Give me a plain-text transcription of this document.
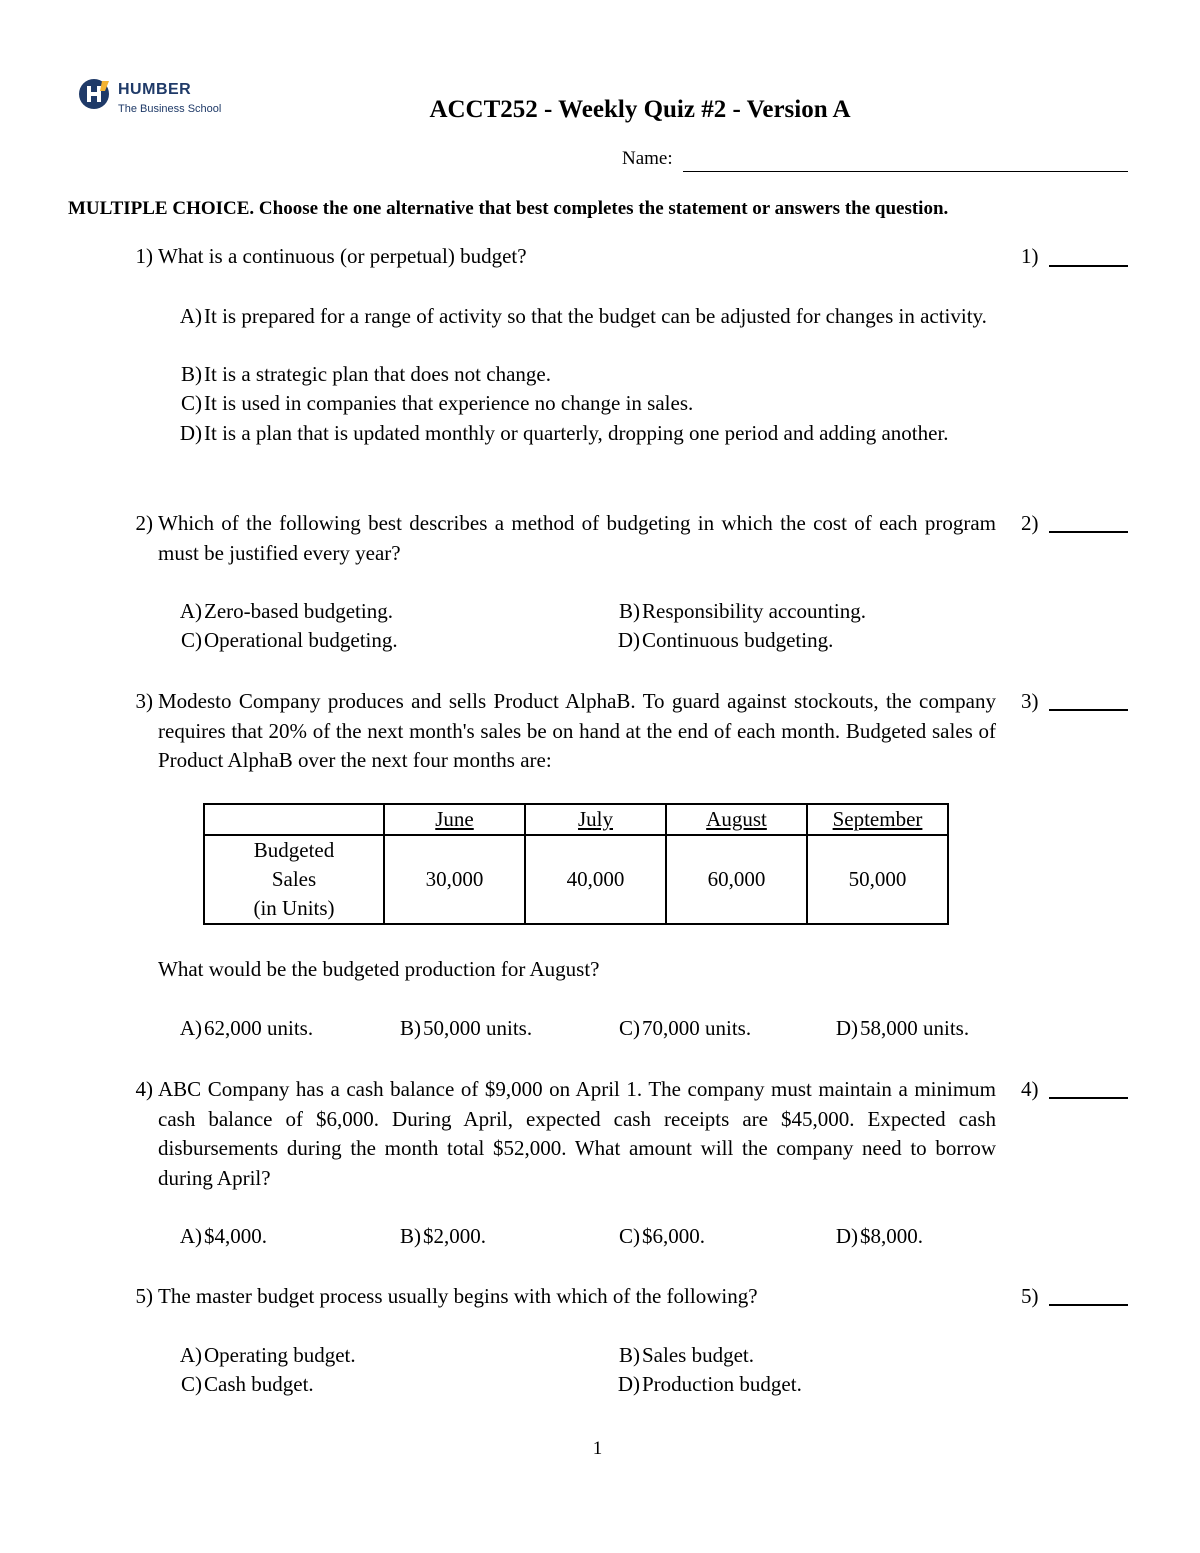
HUMBER
The Business School	ACCT252 - Weekly Quiz #2 - Version A
Name:
MULTIPLE CHOICE. Choose the one alternative that best completes the statement or answers the question.
1) What is a continuous (or perpetual) budget?	1)
A) It is prepared for a range of activity so that the budget can be adjusted for changes in activity.
B) It is a strategic plan that does not change.
C) It is used in companies that experience no change in sales.
D) It is a plan that is updated monthly or quarterly, dropping one period and adding another.
2) Which of the following best describes a method of budgeting in which the cost of each program must be justified every year?
2)
A) Zero-based budgeting.	B) Responsibility accounting.
C) Operational budgeting.	D) Continuous budgeting.
3) Modesto Company produces and sells Product AlphaB. To guard against stockouts, the company requires that 20% of the next month's sales be on hand at the end of each month. Budgeted sales of Product AlphaB over the next four months are:
3)
	June	July	August	September

Budgeted
Sales
(in Units)	30,000	40,000	60,000	50,000
What would be the budgeted production for August?
A) 62,000 units.	B) 50,000 units.	C) 70,000 units.	D) 58,000 units.
4) ABC Company has a cash balance of $9,000 on April 1. The company must maintain a minimum cash balance of $6,000. During April, expected cash receipts are $45,000. Expected cash disbursements during the month total $52,000. What amount will the company need to borrow during April?
4)
A) $4,000.	B) $2,000.	C) $6,000.	D) $8,000.
5) The master budget process usually begins with which of the following?	5)
A) Operating budget.	B) Sales budget.
C) Cash budget.	D) Production budget.
1
